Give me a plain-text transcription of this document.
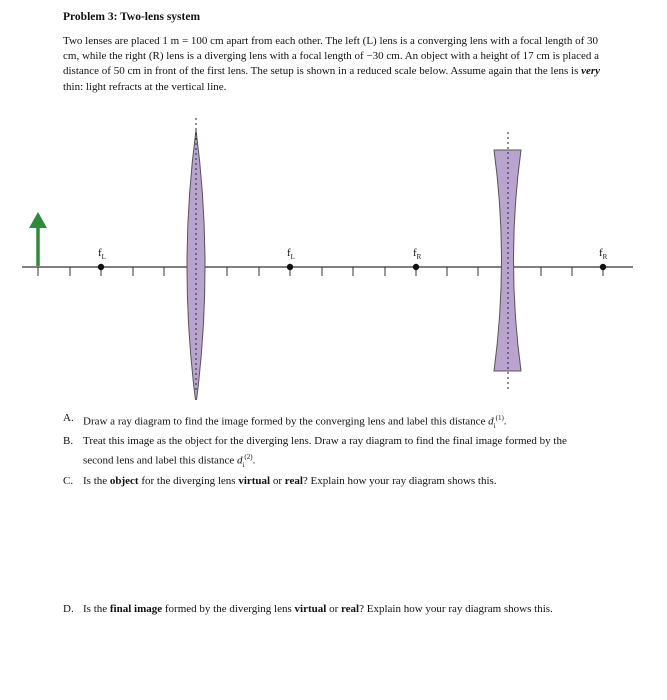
Problem 3: Two-lens system
Two lenses are placed 1 m = 100 cm apart from each other. The left (L) lens is a converging lens with a focal length of 30 cm, while the right (R) lens is a diverging lens with a focal length of −30 cm. An object with a height of 17 cm is placed a distance of 50 cm in front of the first lens. The setup is shown in a reduced scale below. Assume again that the lens is very thin: light refracts at the vertical line.
$f_L$	$f_L$	$f_R$	$f_R$
A. Draw a ray diagram to find the image formed by the converging lens and label this distance $d_i^{(1)}$.
B. Treat this image as the object for the diverging lens. Draw a ray diagram to find the final image formed by the second lens and label this distance $d_i^{(2)}$.
C. Is the object for the diverging lens virtual or real? Explain how your ray diagram shows this.
D. Is the final image formed by the diverging lens virtual or real? Explain how your ray diagram shows this.
